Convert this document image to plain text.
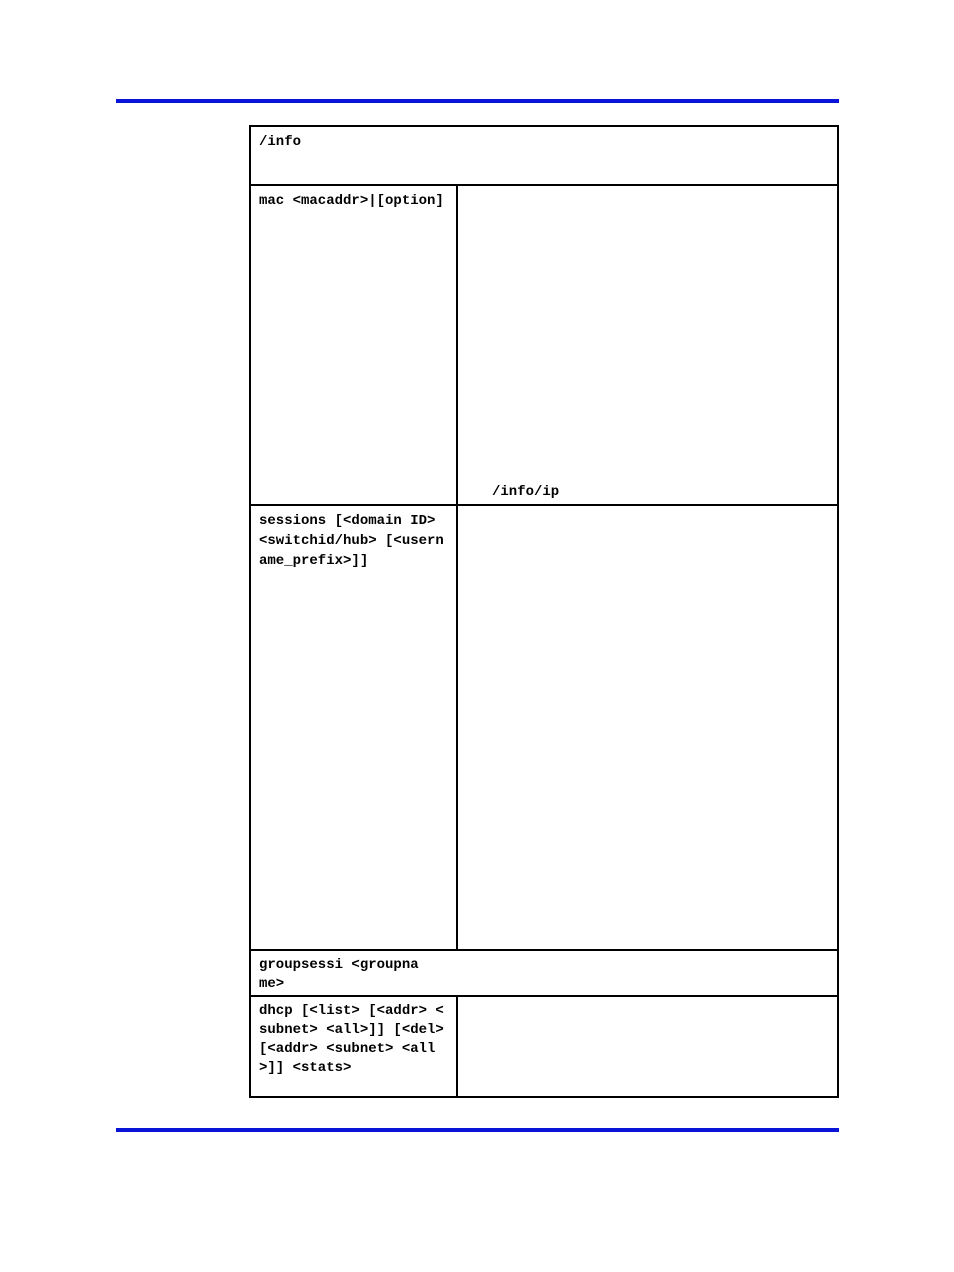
/info

mac <macaddr>|[option]

/info/ip

sessions [<domain ID> <switchid/hub> [<username_prefix>]]

groupsessi <groupname>

dhcp [<list> [<addr> <subnet> <all>]] [<del> [<addr> <subnet> <all>]] <stats>
